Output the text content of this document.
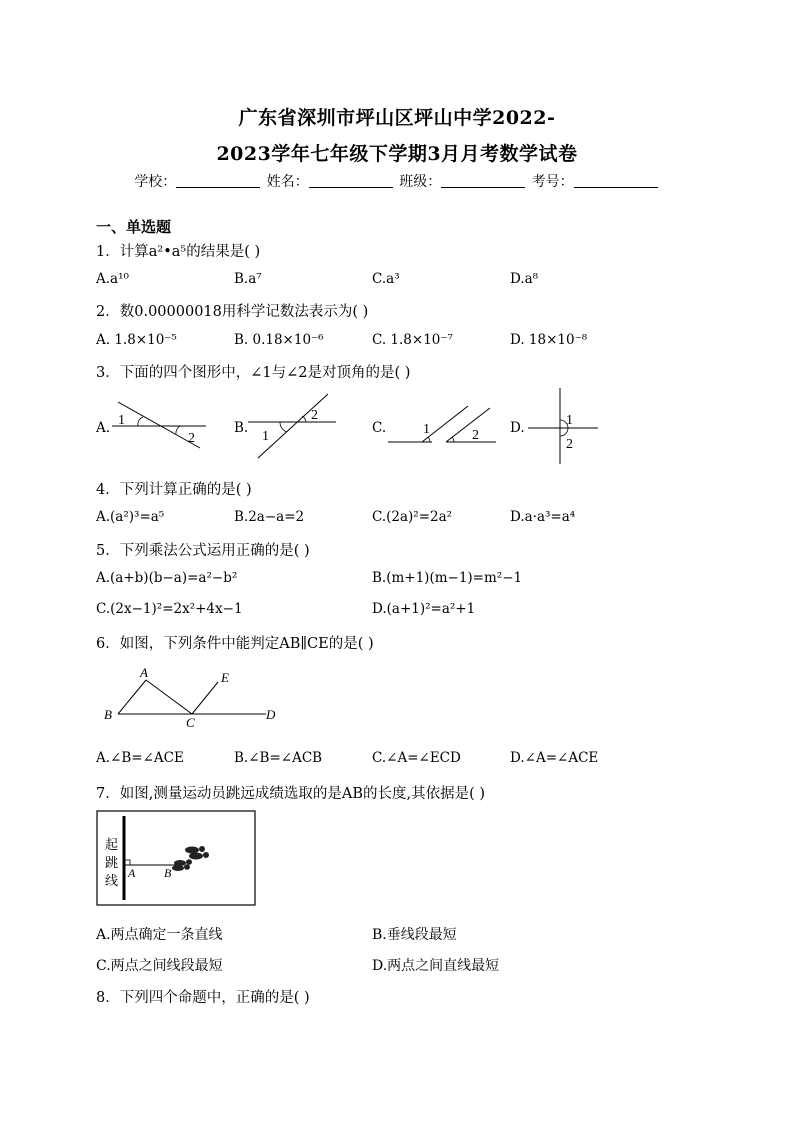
广东省深圳市坪山区坪山中学2022-
2023学年七年级下学期3月月考数学试卷
学校：	姓名：	班级：	考号：
一、单选题
1．计算a²•a⁵的结果是( )
A.a¹⁰	B.a⁷	C.a³	D.a⁸
2．数0.00000018用科学记数法表示为( )
A. 1.8×10⁻⁵	B. 0.18×10⁻⁶	C. 1.8×10⁻⁷	D. 18×10⁻⁸
3．下面的四个图形中，∠1与∠2是对顶角的是( )
A. 1
2
B.
1
2
C.	1	2 D.	1
2
4．下列计算正确的是( )
A.(a²)³=a⁵	B.2a−a=2	C.(2a)²=2a²	D.a·a³=a⁴
5．下列乘法公式运用正确的是( )
A.(a+b)(b−a)=a²−b²	B.(m+1)(m−1)=m²−1
C.(2x−1)²=2x²+4x−1	D.(a+1)²=a²+1
6．如图，下列条件中能判定AB∥CE的是( )
A
B
C
D
E
A.∠B=∠ACE	B.∠B=∠ACB	C.∠A=∠ECD	D.∠A=∠ACE
7．如图,测量运动员跳远成绩选取的是AB的长度,其依据是( )
起
跳
线 A B
A.两点确定一条直线	B.垂线段最短
C.两点之间线段最短	D.两点之间直线最短
8．下列四个命题中，正确的是( )
